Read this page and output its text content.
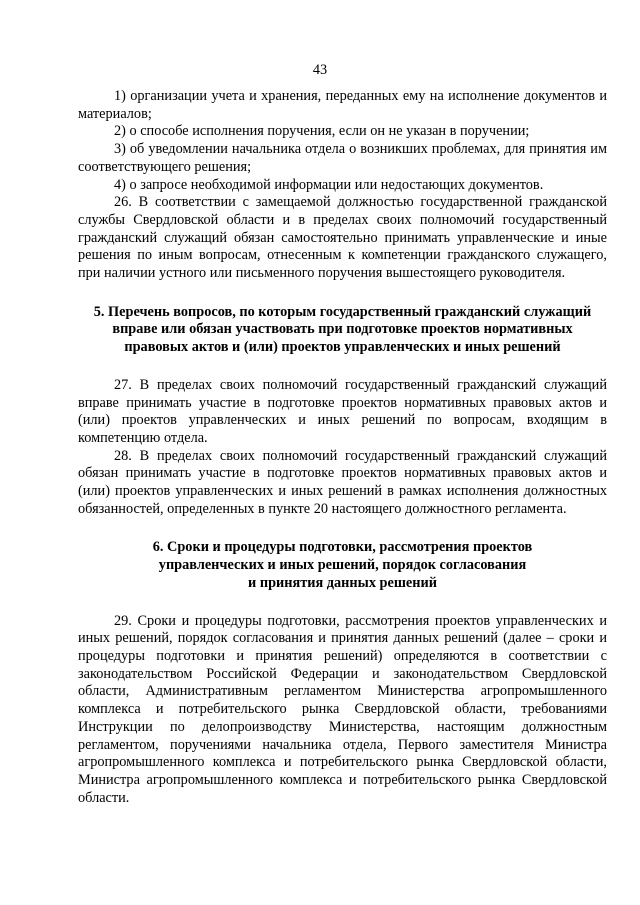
43

1) организации учета и хранения, переданных ему на исполнение документов и материалов;

2) о способе исполнения поручения, если он не указан в поручении;

3) об уведомлении начальника отдела о возникших проблемах, для принятия им соответствующего решения;

4) о запросе необходимой информации или недостающих документов.

26. В соответствии с замещаемой должностью государственной гражданской службы Свердловской области и в пределах своих полномочий государственный гражданский служащий обязан самостоятельно принимать управленческие и иные решения по иным вопросам, отнесенным к компетенции гражданского служащего, при наличии устного или письменного поручения вышестоящего руководителя.

5. Перечень вопросов, по которым государственный гражданский служащий
вправе или обязан участвовать при подготовке проектов нормативных
правовых актов и (или) проектов управленческих и иных решений

27. В пределах своих полномочий государственный гражданский служащий вправе принимать участие в подготовке проектов нормативных правовых актов и (или) проектов управленческих и иных решений по вопросам, входящим в компетенцию отдела.

28. В пределах своих полномочий государственный гражданский служащий обязан принимать участие в подготовке проектов нормативных правовых актов и (или) проектов управленческих и иных решений в рамках исполнения должностных обязанностей, определенных в пункте 20 настоящего должностного регламента.

6. Сроки и процедуры подготовки, рассмотрения проектов
управленческих и иных решений, порядок согласования
и принятия данных решений

29. Сроки и процедуры подготовки, рассмотрения проектов управленческих и иных решений, порядок согласования и принятия данных решений (далее – сроки и процедуры подготовки и принятия решений) определяются в соответствии с законодательством Российской Федерации и законодательством Свердловской области, Административным регламентом Министерства агропромышленного комплекса и потребительского рынка Свердловской области, требованиями Инструкции по делопроизводству Министерства, настоящим должностным регламентом, поручениями начальника отдела, Первого заместителя Министра агропромышленного комплекса и потребительского рынка Свердловской области, Министра агропромышленного комплекса и потребительского рынка Свердловской области.
